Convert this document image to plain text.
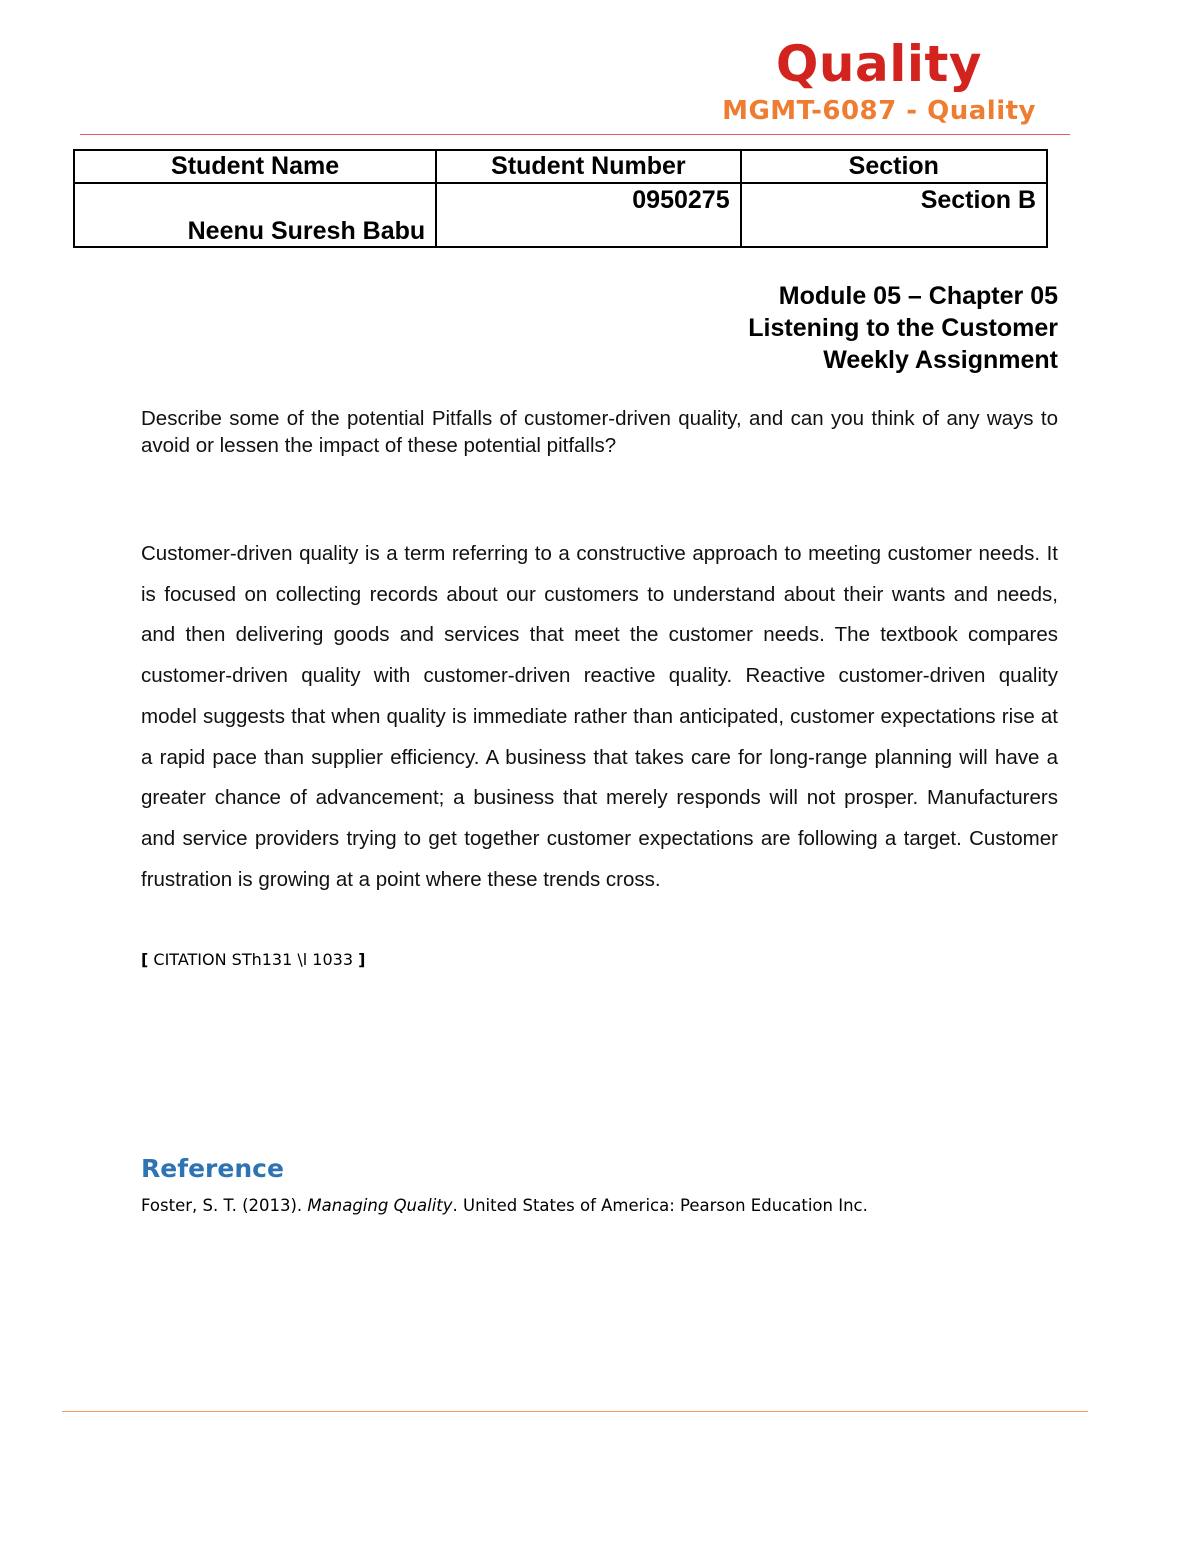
Quality
MGMT-6087 - Quality
Student Name	Student Number	Section

Neenu Suresh Babu	0950275	Section B
Module 05 – Chapter 05
Listening to the Customer
Weekly Assignment
Describe some of the potential Pitfalls of customer-driven quality, and can you think of any ways to avoid or lessen the impact of these potential pitfalls?
Customer-driven quality is a term referring to a constructive approach to meeting customer needs. It is focused on collecting records about our customers to understand about their wants and needs, and then delivering goods and services that meet the customer needs. The textbook compares customer-driven quality with customer-driven reactive quality. Reactive customer-driven quality model suggests that when quality is immediate rather than anticipated, customer expectations rise at a rapid pace than supplier efficiency. A business that takes care for long-range planning will have a greater chance of advancement; a business that merely responds will not prosper. Manufacturers and service providers trying to get together customer expectations are following a target. Customer frustration is growing at a point where these trends cross.
[ CITATION STh131 \l 1033 ]
Reference
Foster, S. T. (2013). Managing Quality. United States of America: Pearson Education Inc.
